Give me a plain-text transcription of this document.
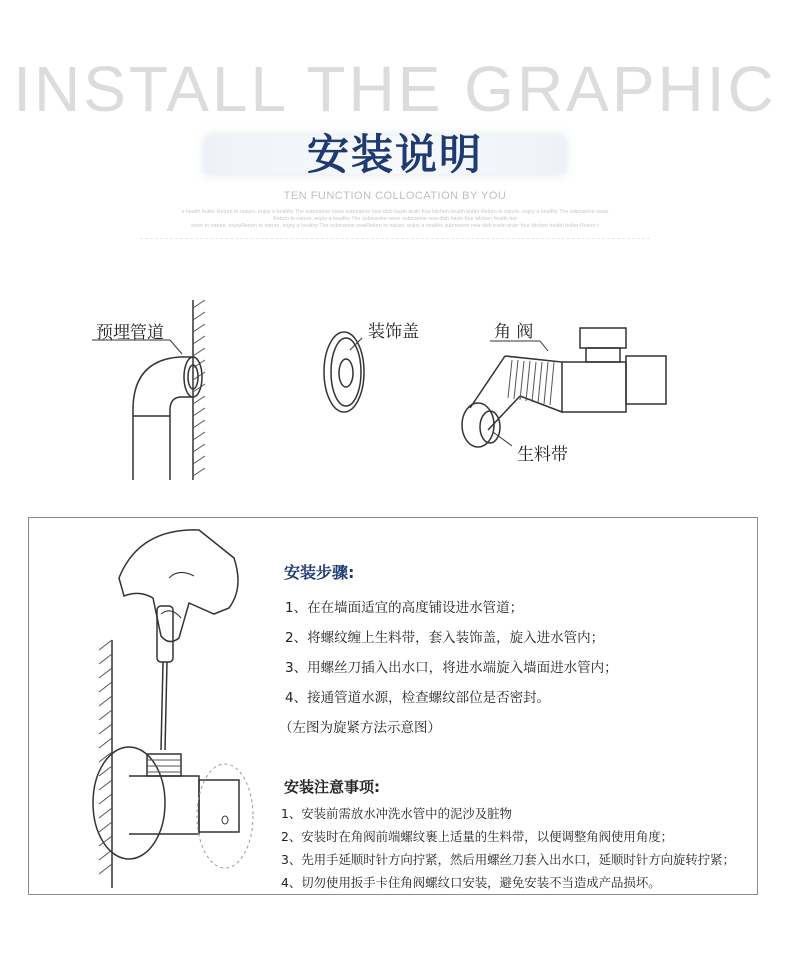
INSTALL THE GRAPHIC
安装说明
TEN FUNCTION COLLOCATION BY YOU
e health butler Return to nature, enjoy a healthy The submarine news submarine new dish basin drain four kitchen health butler Return to nature, enjoy a healthy The submarine news
Return to nature, enjoy a healthy The submarine news submarine new dish basin four kitchen health but
eturn to nature, enjoyReturn to nature, enjoy a healthy The submarine newReturn to nature, enjoy a healthe submarine new dish basin drain four kitchen health butler Return t
预埋管道	装饰盖	角 阀
生料带
安装步骤:
1、在在墙面适宜的高度铺设进水管道；
2、将螺纹缠上生料带，套入装饰盖，旋入进水管内；
3、用螺丝刀插入出水口，将进水端旋入墙面进水管内；
4、接通管道水源，检查螺纹部位是否密封。
（左图为旋紧方法示意图）
安装注意事项:
1、安装前需放水冲洗水管中的泥沙及脏物
2、安装时在角阀前端螺纹裹上适量的生料带，以便调整角阀使用角度；
3、先用手延顺时针方向拧紧，然后用螺丝刀套入出水口，延顺时针方向旋转拧紧；
4、切勿使用扳手卡住角阀螺纹口安装，避免安装不当造成产品损坏。
